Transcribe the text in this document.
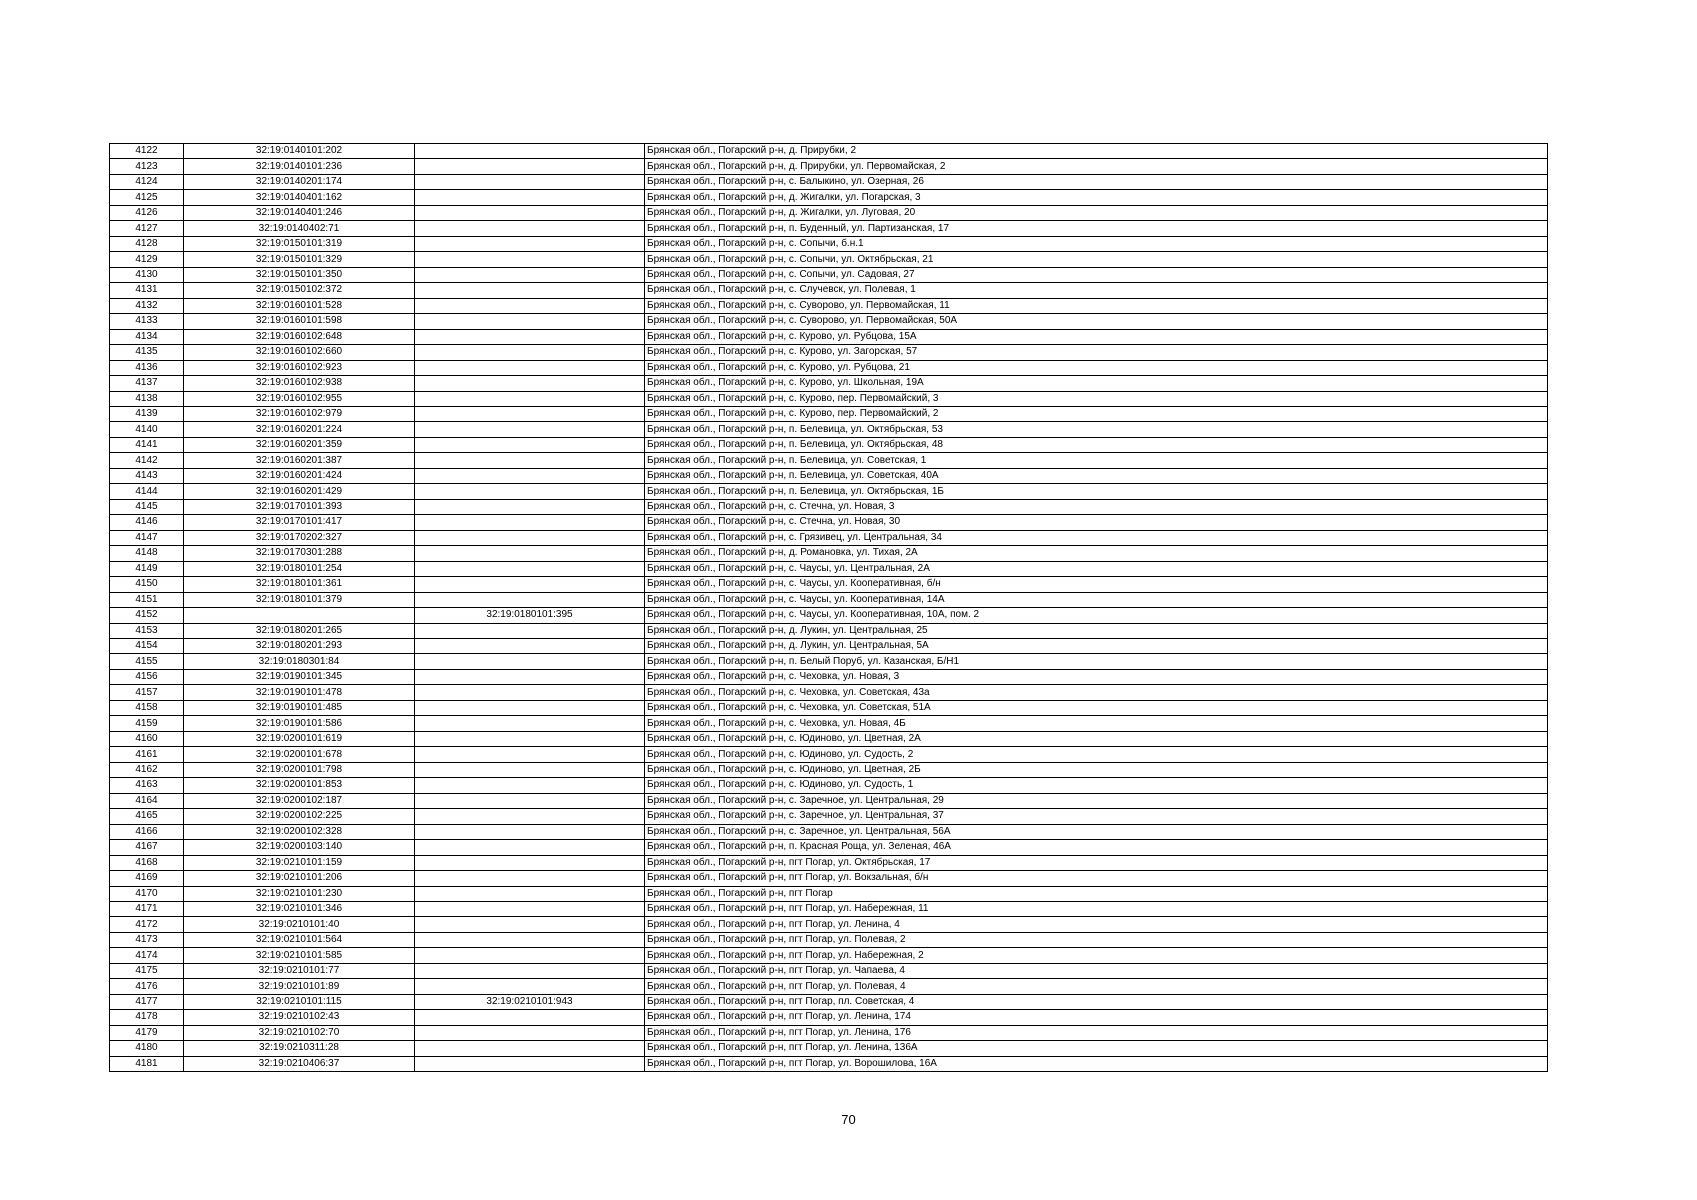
4122	32:19:0140101:202		Брянская обл., Погарский р-н, д. Прирубки, 2
4123	32:19:0140101:236		Брянская обл., Погарский р-н, д. Прирубки, ул. Первомайская, 2
4124	32:19:0140201:174		Брянская обл., Погарский р-н, с. Балыкино, ул. Озерная, 26
4125	32:19:0140401:162		Брянская обл., Погарский р-н, д. Жигалки, ул. Погарская, 3
4126	32:19:0140401:246		Брянская обл., Погарский р-н, д. Жигалки, ул. Луговая, 20
4127	32:19:0140402:71		Брянская обл., Погарский р-н, п. Буденный, ул. Партизанская, 17
4128	32:19:0150101:319		Брянская обл., Погарский р-н, с. Сопычи, б.н.1
4129	32:19:0150101:329		Брянская обл., Погарский р-н, с. Сопычи, ул. Октябрьская, 21
4130	32:19:0150101:350		Брянская обл., Погарский р-н, с. Сопычи, ул. Садовая, 27
4131	32:19:0150102:372		Брянская обл., Погарский р-н, с. Случевск, ул. Полевая, 1
4132	32:19:0160101:528		Брянская обл., Погарский р-н, с. Суворово, ул. Первомайская, 11
4133	32:19:0160101:598		Брянская обл., Погарский р-н, с. Суворово, ул. Первомайская, 50А
4134	32:19:0160102:648		Брянская обл., Погарский р-н, с. Курово, ул. Рубцова, 15А
4135	32:19:0160102:660		Брянская обл., Погарский р-н, с. Курово, ул. Загорская, 57
4136	32:19:0160102:923		Брянская обл., Погарский р-н, с. Курово, ул. Рубцова, 21
4137	32:19:0160102:938		Брянская обл., Погарский р-н, с. Курово, ул. Школьная, 19А
4138	32:19:0160102:955		Брянская обл., Погарский р-н, с. Курово, пер. Первомайский, 3
4139	32:19:0160102:979		Брянская обл., Погарский р-н, с. Курово, пер. Первомайский, 2
4140	32:19:0160201:224		Брянская обл., Погарский р-н, п. Белевица, ул. Октябрьская, 53
4141	32:19:0160201:359		Брянская обл., Погарский р-н, п. Белевица, ул. Октябрьская, 48
4142	32:19:0160201:387		Брянская обл., Погарский р-н, п. Белевица, ул. Советская, 1
4143	32:19:0160201:424		Брянская обл., Погарский р-н, п. Белевица, ул. Советская, 40А
4144	32:19:0160201:429		Брянская обл., Погарский р-н, п. Белевица, ул. Октябрьская, 1Б
4145	32:19:0170101:393		Брянская обл., Погарский р-н, с. Стечна, ул. Новая, 3
4146	32:19:0170101:417		Брянская обл., Погарский р-н, с. Стечна, ул. Новая, 30
4147	32:19:0170202:327		Брянская обл., Погарский р-н, с. Грязивец, ул. Центральная, 34
4148	32:19:0170301:288		Брянская обл., Погарский р-н, д. Романовка, ул. Тихая, 2А
4149	32:19:0180101:254		Брянская обл., Погарский р-н, с. Чаусы, ул. Центральная, 2А
4150	32:19:0180101:361		Брянская обл., Погарский р-н, с. Чаусы, ул. Кооперативная, б/н
4151	32:19:0180101:379		Брянская обл., Погарский р-н, с. Чаусы, ул. Кооперативная, 14А
4152		32:19:0180101:395	Брянская обл., Погарский р-н, с. Чаусы, ул. Кооперативная, 10А, пом. 2
4153	32:19:0180201:265		Брянская обл., Погарский р-н, д. Лукин, ул. Центральная, 25
4154	32:19:0180201:293		Брянская обл., Погарский р-н, д. Лукин, ул. Центральная, 5А
4155	32:19:0180301:84		Брянская обл., Погарский р-н, п. Белый Поруб, ул. Казанская, Б/Н1
4156	32:19:0190101:345		Брянская обл., Погарский р-н, с. Чеховка, ул. Новая, 3
4157	32:19:0190101:478		Брянская обл., Погарский р-н, с. Чеховка, ул. Советская, 43а
4158	32:19:0190101:485		Брянская обл., Погарский р-н, с. Чеховка, ул. Советская, 51А
4159	32:19:0190101:586		Брянская обл., Погарский р-н, с. Чеховка, ул. Новая, 4Б
4160	32:19:0200101:619		Брянская обл., Погарский р-н, с. Юдиново, ул. Цветная, 2А
4161	32:19:0200101:678		Брянская обл., Погарский р-н, с. Юдиново, ул. Судость, 2
4162	32:19:0200101:798		Брянская обл., Погарский р-н, с. Юдиново, ул. Цветная, 2Б
4163	32:19:0200101:853		Брянская обл., Погарский р-н, с. Юдиново, ул. Судость, 1
4164	32:19:0200102:187		Брянская обл., Погарский р-н, с. Заречное, ул. Центральная, 29
4165	32:19:0200102:225		Брянская обл., Погарский р-н, с. Заречное, ул. Центральная, 37
4166	32:19:0200102:328		Брянская обл., Погарский р-н, с. Заречное, ул. Центральная, 56А
4167	32:19:0200103:140		Брянская обл., Погарский р-н, п. Красная Роща, ул. Зеленая, 46А
4168	32:19:0210101:159		Брянская обл., Погарский р-н, пгт Погар, ул. Октябрьская, 17
4169	32:19:0210101:206		Брянская обл., Погарский р-н, пгт Погар, ул. Вокзальная, б/н
4170	32:19:0210101:230		Брянская обл., Погарский р-н, пгт Погар
4171	32:19:0210101:346		Брянская обл., Погарский р-н, пгт Погар, ул. Набережная, 11
4172	32:19:0210101:40		Брянская обл., Погарский р-н, пгт Погар, ул. Ленина, 4
4173	32:19:0210101:564		Брянская обл., Погарский р-н, пгт Погар, ул. Полевая, 2
4174	32:19:0210101:585		Брянская обл., Погарский р-н, пгт Погар, ул. Набережная, 2
4175	32:19:0210101:77		Брянская обл., Погарский р-н, пгт Погар, ул. Чапаева, 4
4176	32:19:0210101:89		Брянская обл., Погарский р-н, пгт Погар, ул. Полевая, 4
4177	32:19:0210101:115	32:19:0210101:943	Брянская обл., Погарский р-н, пгт Погар, пл. Советская, 4
4178	32:19:0210102:43		Брянская обл., Погарский р-н, пгт Погар, ул. Ленина, 174
4179	32:19:0210102:70		Брянская обл., Погарский р-н, пгт Погар, ул. Ленина, 176
4180	32:19:0210311:28		Брянская обл., Погарский р-н, пгт Погар, ул. Ленина, 136А
4181	32:19:0210406:37		Брянская обл., Погарский р-н, пгт Погар, ул. Ворошилова, 16А
70
